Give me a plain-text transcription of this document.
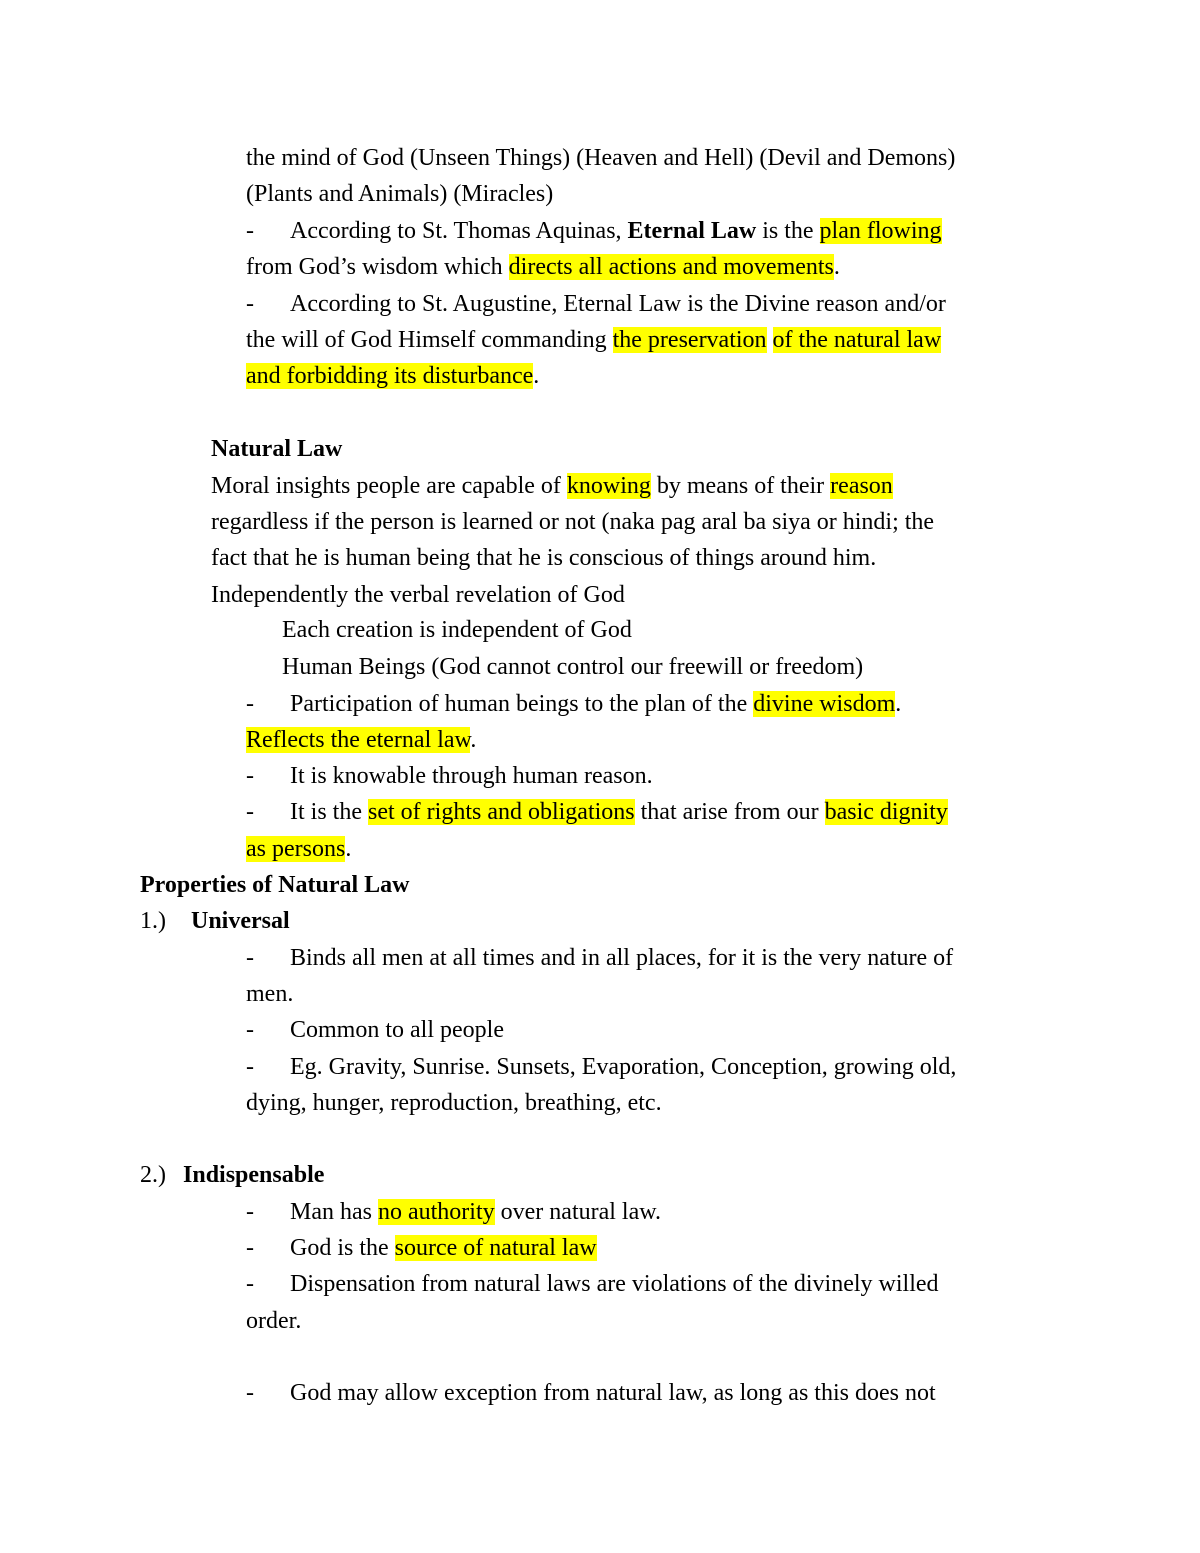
the mind of God (Unseen Things) (Heaven and Hell) (Devil and Demons)
(Plants and Animals) (Miracles)
- According to St. Thomas Aquinas, Eternal Law is the plan flowing
from God’s wisdom which directs all actions and movements.
- According to St. Augustine, Eternal Law is the Divine reason and/or
the will of God Himself commanding the preservation of the natural law
and forbidding its disturbance.
Natural Law
Moral insights people are capable of knowing by means of their reason
regardless if the person is learned or not (naka pag aral ba siya or hindi; the
fact that he is human being that he is conscious of things around him.
Independently the verbal revelation of God
Each creation is independent of God
Human Beings (God cannot control our freewill or freedom)
- Participation of human beings to the plan of the divine wisdom.
Reflects the eternal law.
- It is knowable through human reason.
- It is the set of rights and obligations that arise from our basic dignity
as persons.
Properties of Natural Law
1.) Universal
- Binds all men at all times and in all places, for it is the very nature of
men.
- Common to all people
- Eg. Gravity, Sunrise. Sunsets, Evaporation, Conception, growing old,
dying, hunger, reproduction, breathing, etc.
2.) Indispensable
- Man has no authority over natural law.
- God is the source of natural law
- Dispensation from natural laws are violations of the divinely willed
order.
- God may allow exception from natural law, as long as this does not
